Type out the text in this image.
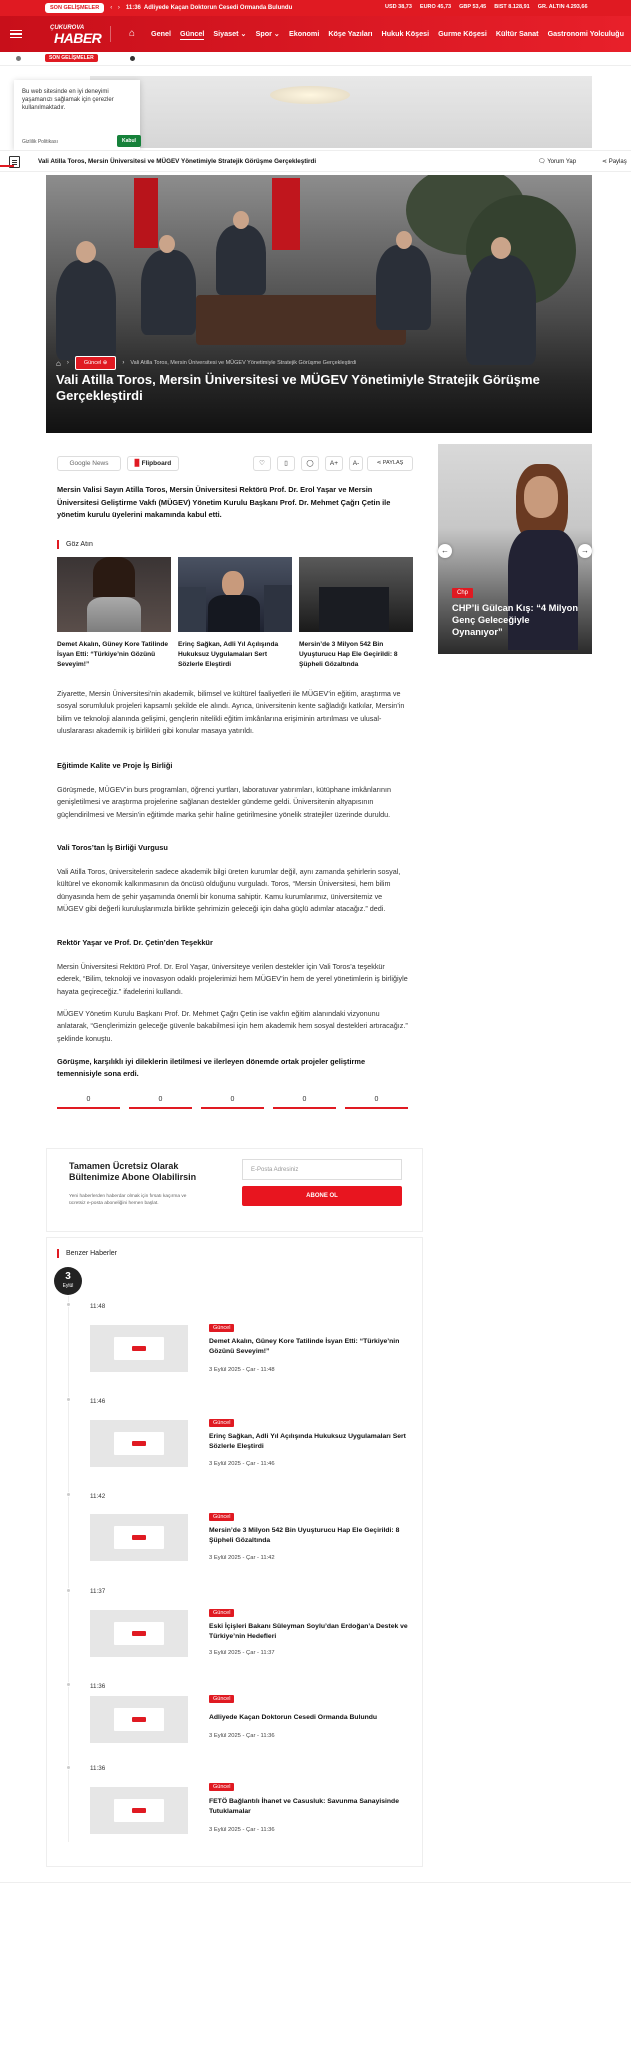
SON GELİŞMELER	‹ › 11:36 Adliyede Kaçan Doktorun Cesedi Ormanda Bulundu	USD 38,73 EURO 45,73 GBP 53,45 BIST 8.128,91 GR. ALTIN 4.293,66
ÇUKUROVA
HABER	⌂	Genel Güncel Siyaset ⌄ Spor ⌄ Ekonomi Köşe Yazıları Hukuk Köşesi Gurme Köşesi Kültür Sanat Gastronomi Yolculuğu
SON GELİŞMELER

Bu web sitesinde en iyi deneyimi yaşamanızı sağlamak için çerezler kullanılmaktadır.

Gizlilik Politikası	Kabul
Vali Atilla Toros, Mersin Üniversitesi ve MÜGEV Yönetimiyle Stratejik Görüşme Gerçekleştirdi	🗨 Yorum Yap	⋖ Paylaş
⌂ ›	Güncel ⊕	› Vali Atilla Toros, Mersin Üniversitesi ve MÜGEV Yönetimiyle Stratejik Görüşme Gerçekleştirdi
Vali Atilla Toros, Mersin Üniversitesi ve MÜGEV Yönetimiyle Stratejik Görüşme Gerçekleştirdi
Google News	▉ Flipboard	♡	▯	◯	A+	A-	⋖ PAYLAŞ
Mersin Valisi Sayın Atilla Toros, Mersin Üniversitesi Rektörü Prof. Dr. Erol Yaşar ve Mersin Üniversitesi Geliştirme Vakfı (MÜGEV) Yönetim Kurulu Başkanı Prof. Dr. Mehmet Çağrı Çetin ile yönetim kurulu üyelerini makamında kabul etti.
Göz Atın
Demet Akalın, Güney Kore Tatilinde İsyan Etti: “Türkiye’nin Gözünü Seveyim!”
Erinç Sağkan, Adli Yıl Açılışında Hukuksuz Uygulamaları Sert Sözlerle Eleştirdi
Mersin’de 3 Milyon 542 Bin Uyuşturucu Hap Ele Geçirildi: 8 Şüpheli Gözaltında
Ziyarette, Mersin Üniversitesi’nin akademik, bilimsel ve kültürel faaliyetleri ile MÜGEV’in eğitim, araştırma ve sosyal sorumluluk projeleri kapsamlı şekilde ele alındı. Ayrıca, üniversitenin kente sağladığı katkılar, Mersin’in bilim ve teknoloji alanında gelişimi, gençlerin nitelikli eğitim imkânlarına erişiminin artırılması ve ulusal-uluslararası akademik iş birlikleri gibi konular masaya yatırıldı.
Eğitimde Kalite ve Proje İş Birliği
Görüşmede, MÜGEV’in burs programları, öğrenci yurtları, laboratuvar yatırımları, kütüphane imkânlarının genişletilmesi ve araştırma projelerine sağlanan destekler gündeme geldi. Üniversitenin altyapısının güçlendirilmesi ve Mersin’in eğitimde marka şehir haline getirilmesine yönelik stratejiler üzerinde duruldu.
Vali Toros’tan İş Birliği Vurgusu
Vali Atilla Toros, üniversitelerin sadece akademik bilgi üreten kurumlar değil, aynı zamanda şehirlerin sosyal, kültürel ve ekonomik kalkınmasının da öncüsü olduğunu vurguladı. Toros, “Mersin Üniversitesi, hem bilim dünyasında hem de şehir yaşamında önemli bir konuma sahiptir. Kamu kurumlarımız, üniversitemiz ve MÜGEV gibi değerli kuruluşlarımızla birlikte şehrimizin geleceği için daha güçlü adımlar atacağız.” dedi.
Rektör Yaşar ve Prof. Dr. Çetin’den Teşekkür
Mersin Üniversitesi Rektörü Prof. Dr. Erol Yaşar, üniversiteye verilen destekler için Vali Toros’a teşekkür ederek, “Bilim, teknoloji ve inovasyon odaklı projelerimizi hem MÜGEV’in hem de yerel yönetimlerin iş birliğiyle hayata geçireceğiz.” ifadelerini kullandı.
MÜGEV Yönetim Kurulu Başkanı Prof. Dr. Mehmet Çağrı Çetin ise vakfın eğitim alanındaki vizyonunu anlatarak, “Gençlerimizin geleceğe güvenle bakabilmesi için hem akademik hem sosyal destekleri artıracağız.” şeklinde konuştu.
Görüşme, karşılıklı iyi dileklerin iletilmesi ve ilerleyen dönemde ortak projeler geliştirme temennisiyle sona erdi.
0	0	0	0	0
Tamamen Ücretsiz Olarak Bültenimize Abone Olabilirsin
Yeni haberlerden haberdar olmak için fırsatı kaçırma ve ücretsiz e-posta aboneliğini hemen başlat.
E-Posta Adresiniz
ABONE OL
Benzer Haberler
3
Eylül
11:48
Güncel
Demet Akalın, Güney Kore Tatilinde İsyan Etti: “Türkiye’nin Gözünü Seveyim!”
3 Eylül 2025 - Çar - 11:48
11:46
Güncel
Erinç Sağkan, Adli Yıl Açılışında Hukuksuz Uygulamaları Sert Sözlerle Eleştirdi
3 Eylül 2025 - Çar - 11:46
11:42
Güncel
Mersin’de 3 Milyon 542 Bin Uyuşturucu Hap Ele Geçirildi: 8 Şüpheli Gözaltında
3 Eylül 2025 - Çar - 11:42
11:37
Güncel
Eski İçişleri Bakanı Süleyman Soylu’dan Erdoğan’a Destek ve Türkiye’nin Hedefleri
3 Eylül 2025 - Çar - 11:37
11:36
Güncel
Adliyede Kaçan Doktorun Cesedi Ormanda Bulundu
3 Eylül 2025 - Çar - 11:36
11:36
Güncel
FETÖ Bağlantılı İhanet ve Casusluk: Savunma Sanayisinde Tutuklamalar
3 Eylül 2025 - Çar - 11:36
Chp
CHP’li Gülcan Kış: “4 Milyon Genç Geleceğiyle Oynanıyor”
←	→
